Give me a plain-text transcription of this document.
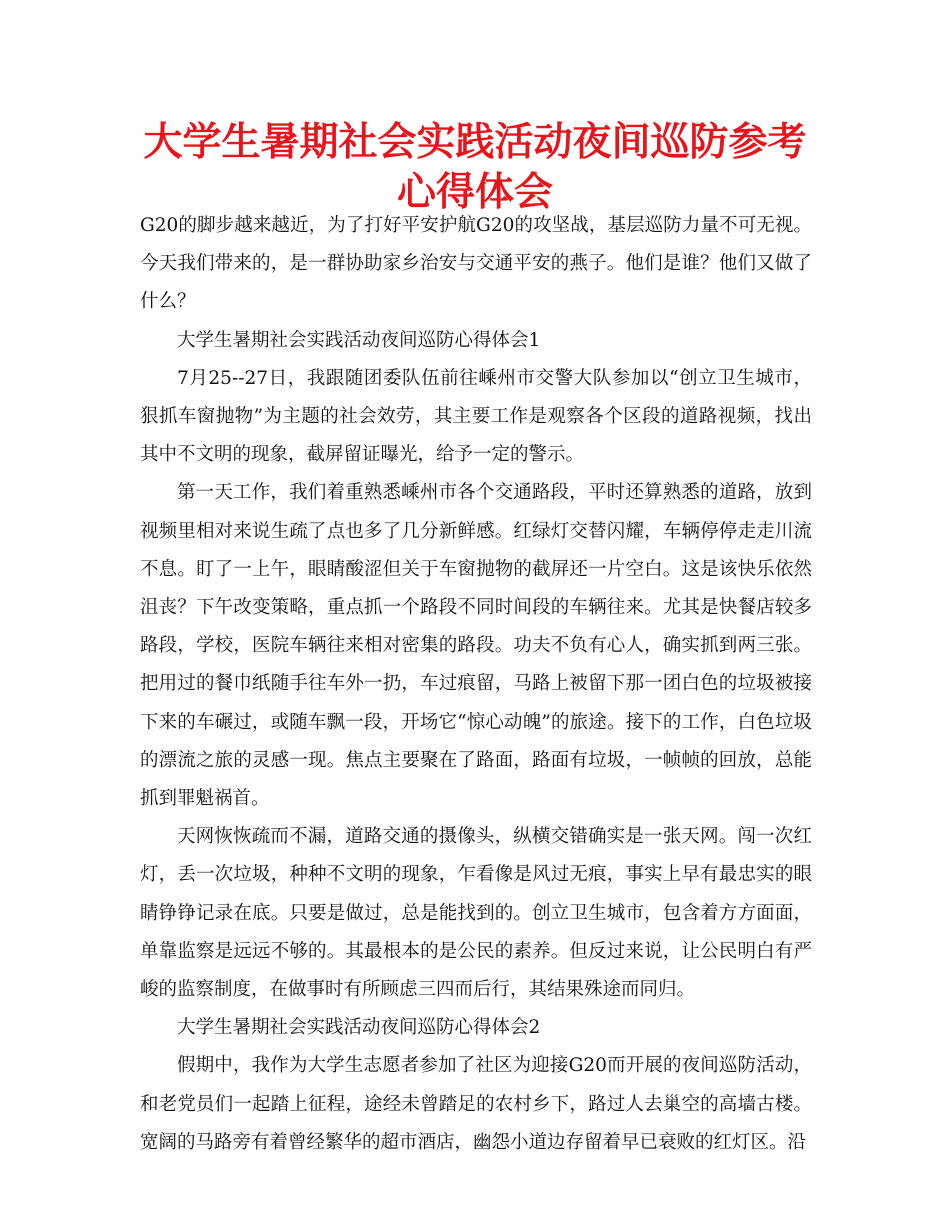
大学生暑期社会实践活动夜间巡防参考心得体会

G20的脚步越来越近，为了打好平安护航G20的攻坚战，基层巡防力量不可无视。今天我们带来的，是一群协助家乡治安与交通平安的燕子。他们是谁？他们又做了什么？

大学生暑期社会实践活动夜间巡防心得体会1

7月25--27日，我跟随团委队伍前往嵊州市交警大队参加以“创立卫生城市，狠抓车窗抛物”为主题的社会效劳，其主要工作是观察各个区段的道路视频，找出其中不文明的现象，截屏留证曝光，给予一定的警示。

第一天工作，我们着重熟悉嵊州市各个交通路段，平时还算熟悉的道路，放到视频里相对来说生疏了点也多了几分新鲜感。红绿灯交替闪耀，车辆停停走走川流不息。盯了一上午，眼睛酸涩但关于车窗抛物的截屏还一片空白。这是该快乐依然沮丧？下午改变策略，重点抓一个路段不同时间段的车辆往来。尤其是快餐店较多路段，学校，医院车辆往来相对密集的路段。功夫不负有心人，确实抓到两三张。把用过的餐巾纸随手往车外一扔，车过痕留，马路上被留下那一团白色的垃圾被接下来的车碾过，或随车飘一段，开场它“惊心动魄”的旅途。接下的工作，白色垃圾的漂流之旅的灵感一现。焦点主要聚在了路面，路面有垃圾，一帧帧的回放，总能抓到罪魁祸首。

天网恢恢疏而不漏，道路交通的摄像头，纵横交错确实是一张天网。闯一次红灯，丢一次垃圾，种种不文明的现象，乍看像是风过无痕，事实上早有最忠实的眼睛铮铮记录在底。只要是做过，总是能找到的。创立卫生城市，包含着方方面面，单靠监察是远远不够的。其最根本的是公民的素养。但反过来说，让公民明白有严峻的监察制度，在做事时有所顾虑三四而后行，其结果殊途而同归。

大学生暑期社会实践活动夜间巡防心得体会2

假期中，我作为大学生志愿者参加了社区为迎接G20而开展的夜间巡防活动，和老党员们一起踏上征程，途经未曾踏足的农村乡下，路过人去巢空的高墙古楼。宽阔的马路旁有着曾经繁华的超市酒店，幽怨小道边存留着早已衰败的红灯区。沿
